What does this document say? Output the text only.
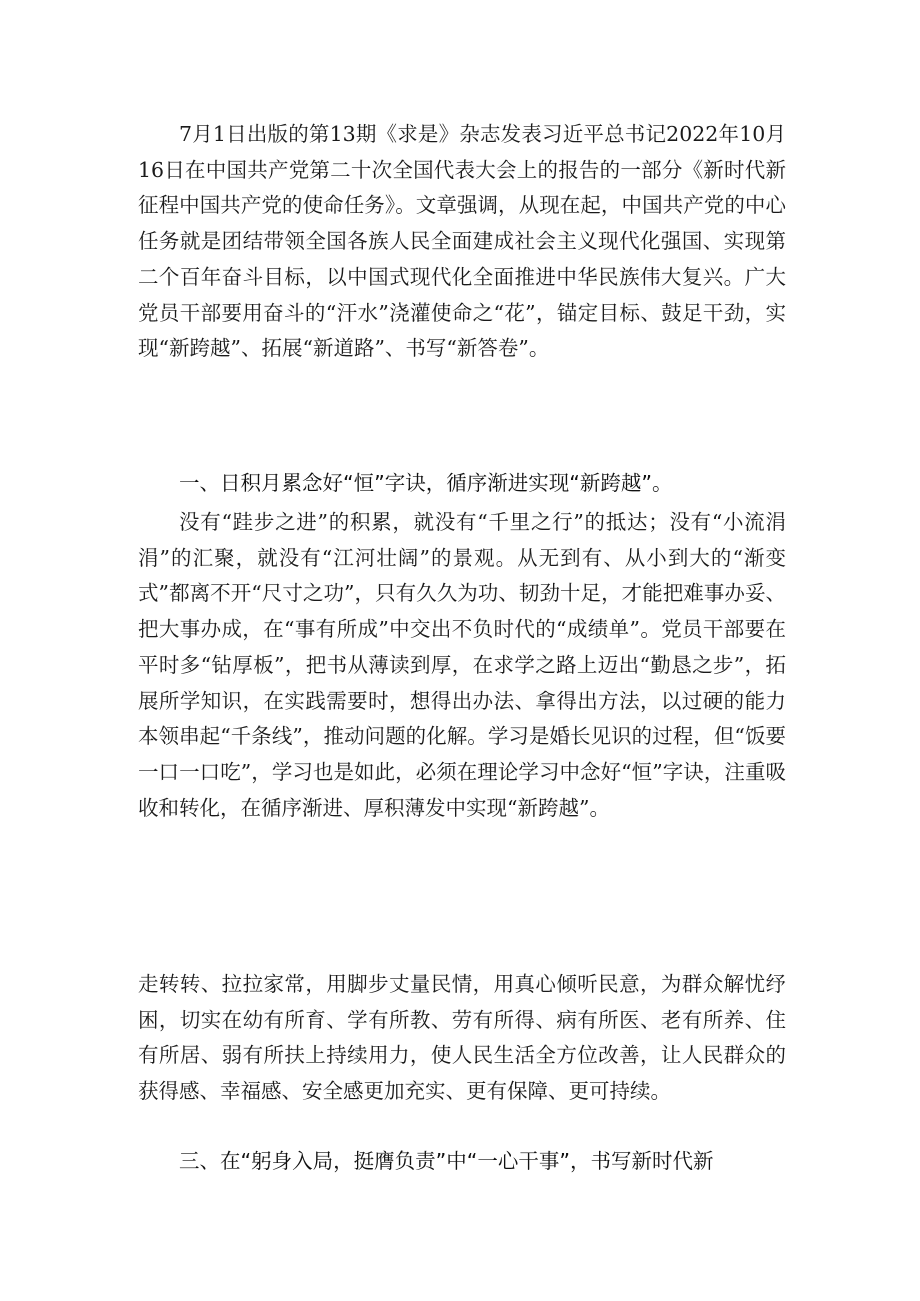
7月1日出版的第13期《求是》杂志发表习近平总书记2022年10月16日在中国共产党第二十次全国代表大会上的报告的一部分《新时代新征程中国共产党的使命任务》。文章强调，从现在起，中国共产党的中心任务就是团结带领全国各族人民全面建成社会主义现代化强国、实现第二个百年奋斗目标，以中国式现代化全面推进中华民族伟大复兴。广大党员干部要用奋斗的“汗水”浇灌使命之“花”，锚定目标、鼓足干劲，实现“新跨越”、拓展“新道路”、书写“新答卷”。

一、日积月累念好“恒”字诀，循序渐进实现“新跨越”。

没有“跬步之进”的积累，就没有“千里之行”的抵达；没有“小流涓涓”的汇聚，就没有“江河壮阔”的景观。从无到有、从小到大的“渐变式”都离不开“尺寸之功”，只有久久为功、韧劲十足，才能把难事办妥、把大事办成，在“事有所成”中交出不负时代的“成绩单”。党员干部要在平时多“钻厚板”，把书从薄读到厚，在求学之路上迈出“勤恳之步”，拓展所学知识，在实践需要时，想得出办法、拿得出方法，以过硬的能力本领串起“千条线”，推动问题的化解。学习是婚长见识的过程，但“饭要一口一口吃”，学习也是如此，必须在理论学习中念好“恒”字诀，注重吸收和转化，在循序渐进、厚积薄发中实现“新跨越”。

走转转、拉拉家常，用脚步丈量民情，用真心倾听民意，为群众解忧纾困，切实在幼有所育、学有所教、劳有所得、病有所医、老有所养、住有所居、弱有所扶上持续用力，使人民生活全方位改善，让人民群众的获得感、幸福感、安全感更加充实、更有保障、更可持续。

三、在“躬身入局，挺膺负责”中“一心干事”，书写新时代新
